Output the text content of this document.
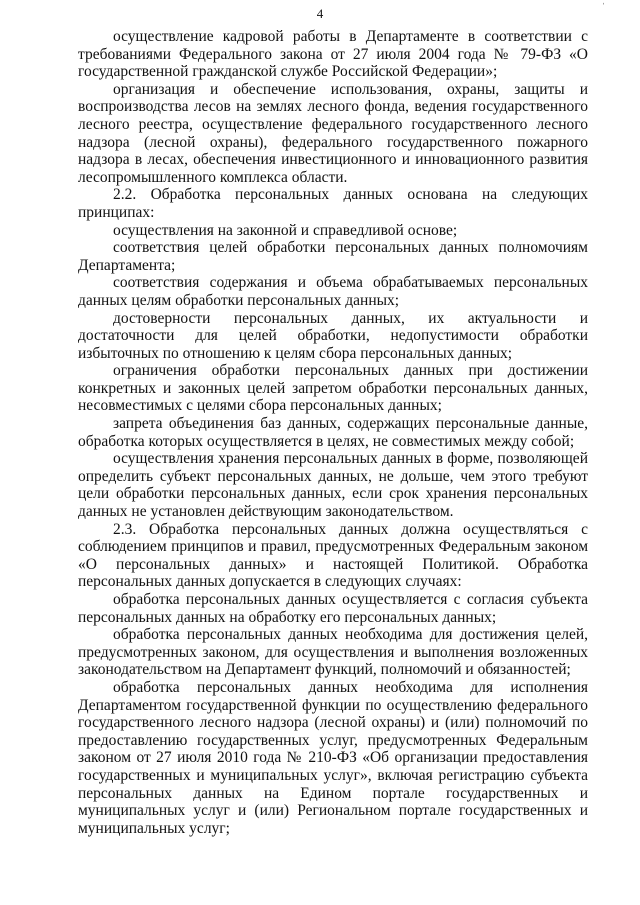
ˈ
4

осуществление кадровой работы в Департаменте в соответствии с требованиями Федерального закона от 27 июля 2004 года № 79-ФЗ «О государственной гражданской службе Российской Федерации»;

организация и обеспечение использования, охраны, защиты и воспроизводства лесов на землях лесного фонда, ведения государственного лесного реестра, осуществление федерального государственного лесного надзора (лесной охраны), федерального государственного пожарного надзора в лесах, обеспечения инвестиционного и инновационного развития лесопромышленного комплекса области.

2.2. Обработка персональных данных основана на следующих принципах:

осуществления на законной и справедливой основе;

соответствия целей обработки персональных данных полномочиям Департамента;

соответствия содержания и объема обрабатываемых персональных данных целям обработки персональных данных;

достоверности персональных данных, их актуальности и достаточности для целей обработки, недопустимости обработки избыточных по отношению к целям сбора персональных данных;

ограничения обработки персональных данных при достижении конкретных и законных целей запретом обработки персональных данных, несовместимых с целями сбора персональных данных;

запрета объединения баз данных, содержащих персональные данные, обработка которых осуществляется в целях, не совместимых между собой;

осуществления хранения персональных данных в форме, позволяющей определить субъект персональных данных, не дольше, чем этого требуют цели обработки персональных данных, если срок хранения персональных данных не установлен действующим законодательством.

2.3. Обработка персональных данных должна осуществляться с соблюдением принципов и правил, предусмотренных Федеральным законом «О персональных данных» и настоящей Политикой. Обработка персональных данных допускается в следующих случаях:

обработка персональных данных осуществляется с согласия субъекта персональных данных на обработку его персональных данных;

обработка персональных данных необходима для достижения целей, предусмотренных законом, для осуществления и выполнения возложенных законодательством на Департамент функций, полномочий и обязанностей;

обработка персональных данных необходима для исполнения Департаментом государственной функции по осуществлению федерального государственного лесного надзора (лесной охраны) и (или) полномочий по предоставлению государственных услуг, предусмотренных Федеральным законом от 27 июля 2010 года № 210-ФЗ «Об организации предоставления государственных и муниципальных услуг», включая регистрацию субъекта персональных данных на Едином портале государственных и муниципальных услуг и (или) Региональном портале государственных и муниципальных услуг;
